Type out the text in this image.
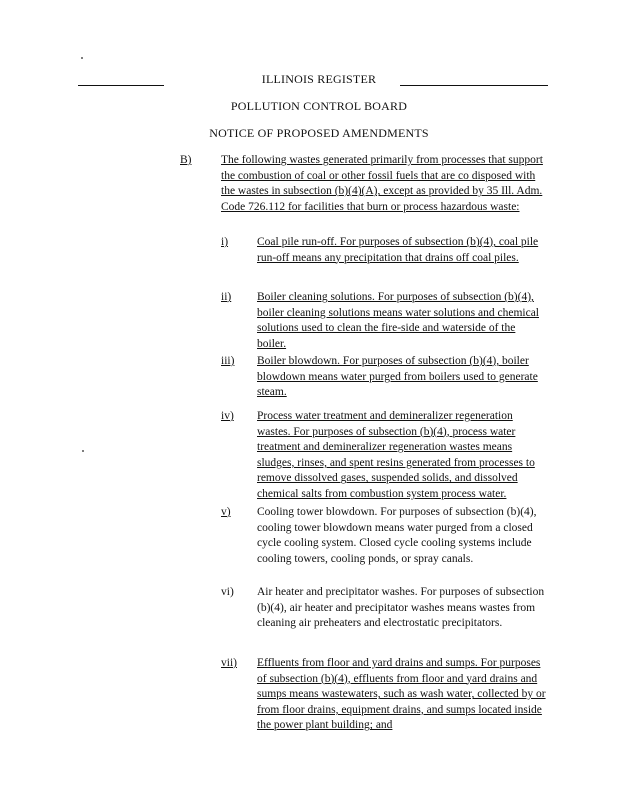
ILLINOIS REGISTER
POLLUTION CONTROL BOARD
NOTICE OF PROPOSED AMENDMENTS
B)	The following wastes generated primarily from processes that support the combustion of coal or other fossil fuels that are co disposed with the wastes in subsection (b)(4)(A), except as provided by 35 Ill. Adm. Code 726.112 for facilities that burn or process hazardous waste:
i)	Coal pile run-off. For purposes of subsection (b)(4), coal pile run-off means any precipitation that drains off coal piles.
ii) Boiler cleaning solutions. For purposes of subsection (b)(4), boiler cleaning solutions means water solutions and chemical solutions used to clean the fire-side and waterside of the boiler.
iii) Boiler blowdown. For purposes of subsection (b)(4), boiler blowdown means water purged from boilers used to generate steam.
iv) Process water treatment and demineralizer regeneration wastes. For purposes of subsection (b)(4), process water treatment and demineralizer regeneration wastes means sludges, rinses, and spent resins generated from processes to remove dissolved gases, suspended solids, and dissolved chemical salts from combustion system process water.
v) Cooling tower blowdown. For purposes of subsection (b)(4), cooling tower blowdown means water purged from a closed cycle cooling system. Closed cycle cooling systems include cooling towers, cooling ponds, or spray canals.
vi) Air heater and precipitator washes. For purposes of subsection (b)(4), air heater and precipitator washes means wastes from cleaning air preheaters and electrostatic precipitators.
vii) Effluents from floor and yard drains and sumps. For purposes of subsection (b)(4), effluents from floor and yard drains and sumps means wastewaters, such as wash water, collected by or from floor drains, equipment drains, and sumps located inside the power plant building; and
